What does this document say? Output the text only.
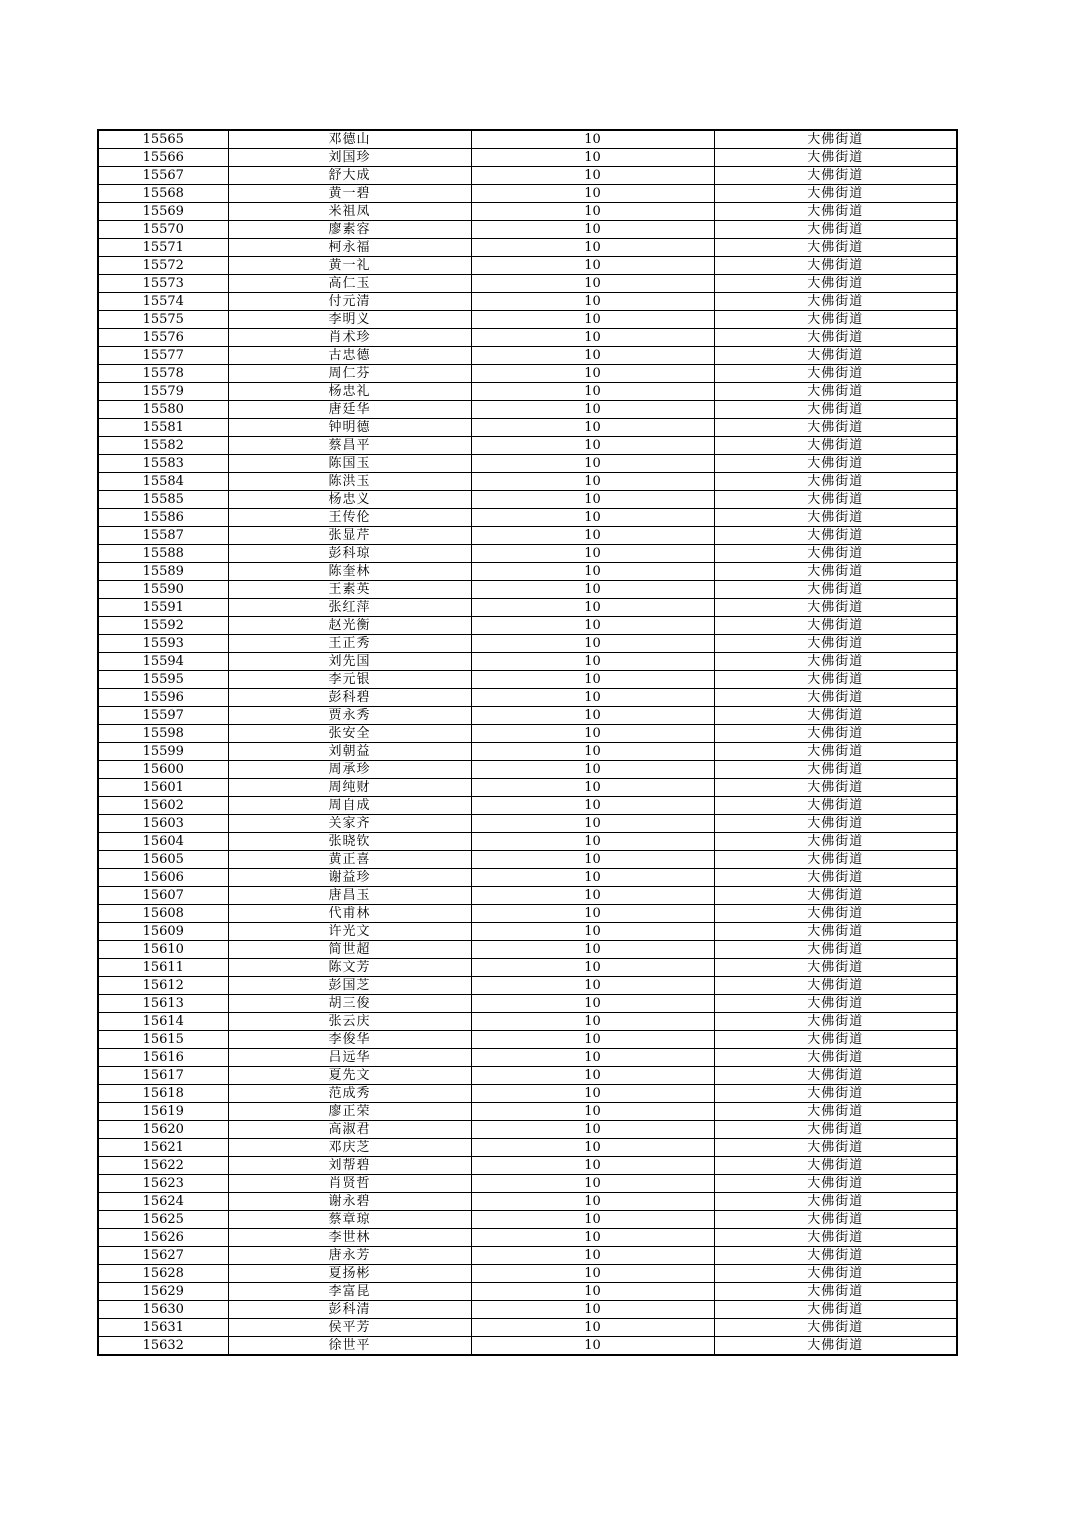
15565	邓德山	10	大佛街道
15566	刘国珍	10	大佛街道
15567	舒大成	10	大佛街道
15568	黄一碧	10	大佛街道
15569	米祖凤	10	大佛街道
15570	廖素容	10	大佛街道
15571	柯永福	10	大佛街道
15572	黄一礼	10	大佛街道
15573	高仁玉	10	大佛街道
15574	付元清	10	大佛街道
15575	李明义	10	大佛街道
15576	肖术珍	10	大佛街道
15577	古忠德	10	大佛街道
15578	周仁芬	10	大佛街道
15579	杨忠礼	10	大佛街道
15580	唐廷华	10	大佛街道
15581	钟明德	10	大佛街道
15582	蔡昌平	10	大佛街道
15583	陈国玉	10	大佛街道
15584	陈洪玉	10	大佛街道
15585	杨忠义	10	大佛街道
15586	王传伦	10	大佛街道
15587	张显芹	10	大佛街道
15588	彭科琼	10	大佛街道
15589	陈奎林	10	大佛街道
15590	王素英	10	大佛街道
15591	张红萍	10	大佛街道
15592	赵光衡	10	大佛街道
15593	王正秀	10	大佛街道
15594	刘先国	10	大佛街道
15595	李元银	10	大佛街道
15596	彭科碧	10	大佛街道
15597	贾永秀	10	大佛街道
15598	张安全	10	大佛街道
15599	刘朝益	10	大佛街道
15600	周承珍	10	大佛街道
15601	周纯财	10	大佛街道
15602	周自成	10	大佛街道
15603	关家齐	10	大佛街道
15604	张晓钦	10	大佛街道
15605	黄正喜	10	大佛街道
15606	谢益珍	10	大佛街道
15607	唐昌玉	10	大佛街道
15608	代甫林	10	大佛街道
15609	许光文	10	大佛街道
15610	简世超	10	大佛街道
15611	陈文芳	10	大佛街道
15612	彭国芝	10	大佛街道
15613	胡三俊	10	大佛街道
15614	张云庆	10	大佛街道
15615	李俊华	10	大佛街道
15616	吕远华	10	大佛街道
15617	夏先文	10	大佛街道
15618	范成秀	10	大佛街道
15619	廖正荣	10	大佛街道
15620	高淑君	10	大佛街道
15621	邓庆芝	10	大佛街道
15622	刘帮碧	10	大佛街道
15623	肖贤哲	10	大佛街道
15624	谢永碧	10	大佛街道
15625	蔡章琼	10	大佛街道
15626	李世林	10	大佛街道
15627	唐永芳	10	大佛街道
15628	夏扬彬	10	大佛街道
15629	李富昆	10	大佛街道
15630	彭科清	10	大佛街道
15631	侯平芳	10	大佛街道
15632	徐世平	10	大佛街道
